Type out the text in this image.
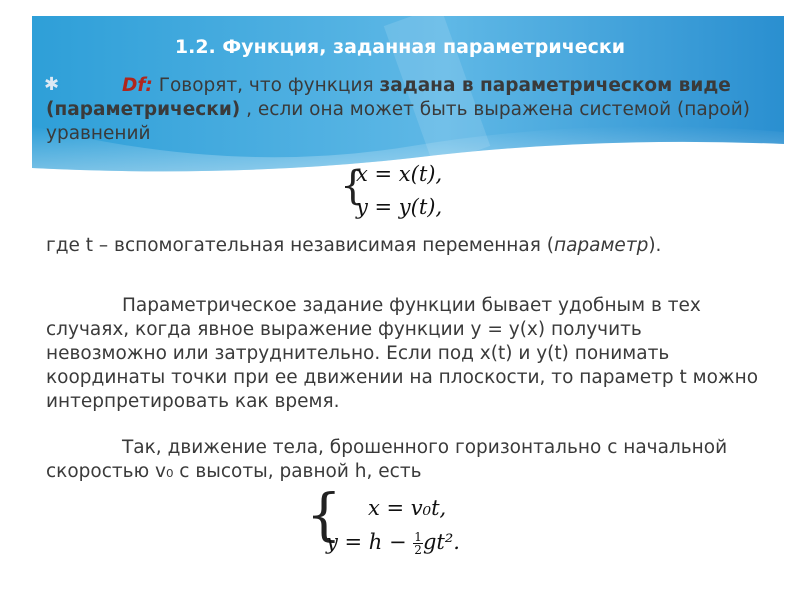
1.2. Функция, заданная параметрически
✱	Df: Говорят, что функция задана в параметрическом виде (параметрически) , если она может быть выражена системой (парой) уравнений
{
x = x(t),
y = y(t),
где t – вспомогательная независимая переменная (параметр).
Параметрическое задание функции бывает удобным в тех случаях, когда явное выражение функции y = y(x) получить невозможно или затруднительно. Если под x(t) и y(t) понимать координаты точки при ее движении на плоскости, то параметр t можно интерпретировать как время.
Так, движение тела, брошенного горизонтально с начальной скоростью v₀ с высоты, равной h, есть
{ x = v₀t,
$y = h - \frac{1}{2} gt^2$.
